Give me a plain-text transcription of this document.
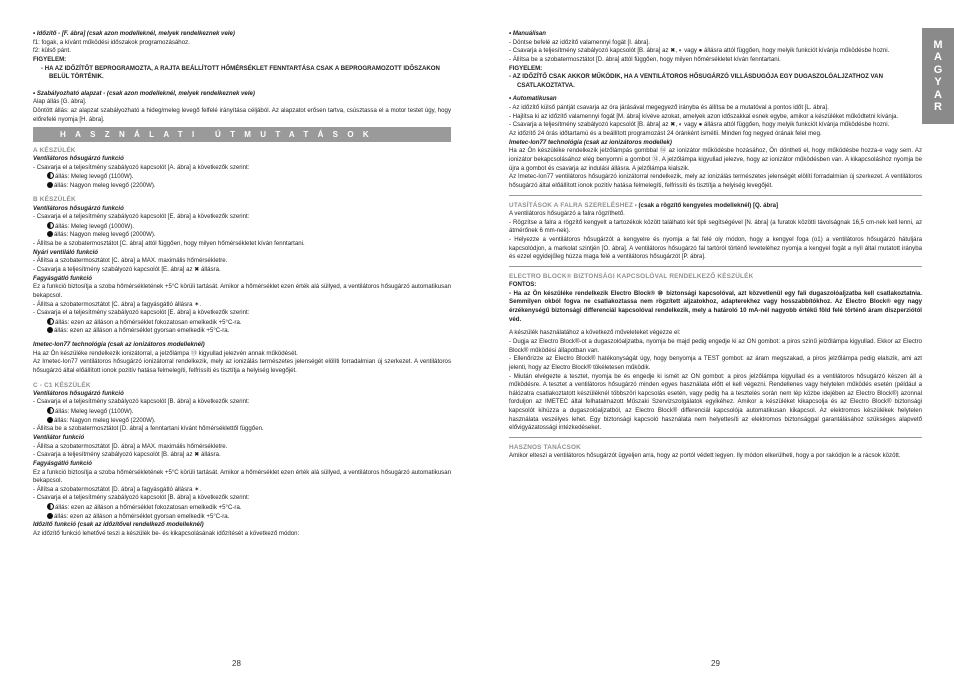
M
A
G
Y
A
R

• Időzítő - [F. ábra] (csak azon modelleknél, melyek rendelkeznek vele)

f1: fogak, a kívánt működési időszakok programozásához.

f2: külső pánt.

FIGYELEM:

- HA AZ IDŐZÍTŐT BEPROGRAMOZTA, A RAJTA BEÁLLÍTOTT HŐMÉRSÉKLET FENNTARTÁSA CSAK A BEPROGRAMOZOTT IDŐSZAKON BELÜL TÖRTÉNIK.

• Szabályozható alapzat - (csak azon modelleknél, melyek rendelkeznek vele)

Alap állás [G. ábra].

Döntött állás: az alapzat szabályozható a hideg/meleg levegő felfelé irányítása céljából. Az alapzatot erősen tartva, csúsztassa el a motor testet úgy, hogy előrefelé nyomja [H. ábra].

HASZNÁLATI ÚTMUTATÁSOK

A KÉSZÜLÉK

Ventilátoros hősugárzó funkció

- Csavarja el a teljesítmény szabályozó kapcsolót [A. ábra] a következők szerint:

állás: Meleg levegő (1100W).

állás: Nagyon meleg levegő (2200W).

B KÉSZÜLÉK

Ventilátoros hősugárzó funkció

- Csavarja el a teljesítmény szabályozó kapcsolót [E. ábra] a következők szerint:

állás: Meleg levegő (1000W).

állás: Nagyon meleg levegő (2000W).

- Állítsa be a szobatermosztátot [C. ábra] attól függően, hogy milyen hőmérsékletet kíván fenntartani.

Nyári ventiláló funkció

- Állítsa a szobatermosztátot [C. ábra] a MAX. maximális hőmérsékletre.

- Csavarja a teljesítmény szabályozó kapcsolót [E. ábra] az ✖ állásra.

Fagyásgátló funkció

Ez a funkció biztosítja a szoba hőmérsékletének +5°C körüli tartását. Amikor a hőmérséklet ezen érték alá süllyed, a ventilátoros hősugárzó automatikusan bekapcsol.

- Állítsa a szobatermosztátot [C. ábra] a fagyásgátló állásra ✶.

- Csavarja el a teljesítmény szabályozó kapcsolót [E. ábra] a következők szerint:

állás: ezen az álláson a hőmérséklet fokozatosan emelkedik +5°C-ra.

állás: ezen az álláson a hőmérséklet gyorsan emelkedik +5°C-ra.

Imetec-Ion77 technológia (csak az ionizátoros modelleknél)

Ha az Ön készüléke rendelkezik ionizátorral, a jelzőlámpa ⑬ kigyullad jelezvén annak működését.

Az Imetec-Ion77 ventilátoros hősugárzó ionizátorral rendelkezik, mely az ionizálás természetes jelenségét elölíti forradalmian új szerkezet. A ventilátoros hősugárzó által előállított ionok pozitív hatása felmelegíti, felfrissíti és tisztítja a helyiség levegőjét.

C - C1 KÉSZÜLÉK

Ventilátoros hősugárzó funkció

- Csavarja el a teljesítmény szabályozó kapcsolót [B. ábra] a következők szerint:

állás: Meleg levegő (1100W).

állás: Nagyon meleg levegő (2200W).

- Állítsa be a szobatermosztátot [D. ábra] a fenntartani kívánt hőmérséklettől függően.

Ventilátor funkció

- Állítsa a szobatermosztátot [D. ábra] a MAX. maximális hőmérsékletre.

- Csavarja a teljesítmény szabályozó kapcsolót [B. ábra] az ✖ állásra.

Fagyásgátló funkció

Ez a funkció biztosítja a szoba hőmérsékletének +5°C körüli tartását. Amikor a hőmérséklet ezen érték alá süllyed, a ventilátoros hősugárzó automatikusan bekapcsol.

- Állítsa a szobatermosztátot [D. ábra] a fagyásgátló állásra ✶.

- Csavarja el a teljesítmény szabályozó kapcsolót [B. ábra] a következők szerint:

állás: ezen az álláson a hőmérséklet fokozatosan emelkedik +5°C-ra.

állás: ezen az álláson a hőmérséklet gyorsan emelkedik +5°C-ra.

Időzítő funkció (csak az időzítővel rendelkező modelleknél)

Az időzítő funkció lehetővé teszi a készülék be- és kikapcsolásának időzítését a következő módon:

• Manuálisan

- Döntse befelé az időzítő valamennyi fogát [I. ábra].

- Csavarja a teljesítmény szabályozó kapcsolót [B. ábra] az ✖, ◐ vagy ● állásra attól függően, hogy melyik funkciót kívánja működésbe hozni.

- Állítsa be a szobatermosztátot [D. ábra] attól függően, hogy milyen hőmérsékletet kíván fenntartani.

FIGYELEM:

- AZ IDŐZÍTŐ CSAK AKKOR MŰKÖDIK, HA A VENTILÁTOROS HŐSUGÁRZÓ VILLÁSDUGÓJA EGY DUGASZOLÓALJZATHOZ VAN CSATLAKOZTATVA.

• Automatikusan

- Az időzítő külső pántját csavarja az óra járásával megegyező irányba és állítsa be a mutatóval a pontos időt [L. ábra].

- Hajlítsa ki az időzítő valamennyi fogát [M. ábra] kívéve azokat, amelyek azon időszakkal esnek egybe, amikor a készüléket működtetni kívánja.

- Csavarja a teljesítmény szabályozó kapcsolót [B. ábra] az ✖, ◐ vagy ● állásra attól függően, hogy melyik funkciót kívánja működésbe hozni.

Az időzítő 24 órás időtartamú és a beállított programozást 24 óránként ismétli. Minden fog negyed órának felel meg.

Imetec-Ion77 technológia (csak az ionizátoros modellek)

Ha az Ön készüléke rendelkezik jelzőlámpás gombbal ⑭ az ionizátor működésbe hozásához, Ön döntheti el, hogy működésbe hozza-e vagy sem. Az ionizátor bekapcsolásához elég benyomni a gombot ⑭. A jelzőlámpa kigyullad jelezve, hogy az ionizátor működésben van. A kikapcsoláshoz nyomja be újra a gombot és csavarja az indulási állásra. A jelzőlámpa kialszik.

Az Imetec-Ion77 ventilátoros hősugárzó ionizátorral rendelkezik, mely az ionizálás természetes jelenségét elölíti forradalmian új szerkezet. A ventilátoros hősugárzó által előállított ionok pozitív hatása felmelegíti, felfrissíti és tisztítja a helyiség levegőjét.

UTASÍTÁSOK A FALRA SZERELÉSHEZ - (csak a rögzítő kengyeles modelleknél) [Q. ábra]

A ventilátoros hősugárzó a falra rögzíthető.

- Rögzítse a falra a rögzítő kengyelt a tartozékok között található két tipli segítségével [N. ábra] (a furatok közötti távolságnak 16,5 cm-nek kell lenni, az átmérőnek 6 mm-nek).

- Helyezze a ventilátoros hősugárzót a kengyelre és nyomja a fal felé oly módon, hogy a kengyel foga (o1) a ventilátoros hősugárzó hátuljára kapcsolódjon, a markolat szintjén [O. ábra]. A ventilátoros hősugárzó fal tartóról történő leveteléhez nyomja a kengyel fogát a nyíl által mutatott irányba és ezzel egyidejűleg húzza maga felé a ventilátoros hősugárzót [P. ábra].

ELECTRO BLOCK® BIZTONSÁGI KAPCSOLÓVAL RENDELKEZŐ KÉSZÜLÉK

FONTOS:

- Ha az Ön készüléke rendelkezik Electro Block® ⑩ biztonsági kapcsolóval, azt közvetlenül egy fali dugaszolóaljzatba kell csatlakoztatnia. Semmilyen okból fogva ne csatlakoztassa nem rögzített aljzatokhoz, adapterekhez vagy hosszabbítókhoz. Az Electro Block® egy nagy érzékenységű biztonsági differenciál kapcsolóval rendelkezik, mely a határoló 10 mA-nél nagyobb értékű föld felé történő áram diszperziótól véd.

A készülék használatához a következő műveleteket végezze el:

- Dugja az Electro Block®-ot a dugaszolóaljzatba, nyomja be majd pedig engedje ki az ON gombot: a piros színű jelzőlámpa kigyullad. Ekkor az Electro Block® működési állapotban van.

- Ellenőrizze az Electro Block® hatékonyságát úgy, hogy benyomja a TEST gombot: az áram megszakad, a piros jelzőlámpa pedig elalszik, ami azt jelenti, hogy az Electro Block® tökéletesen működik.

- Miután elvégezte a tesztet, nyomja be és engedje ki ismét az ON gombot: a piros jelzőlámpa kigyullad és a ventilátoros hősugárzó készen áll a működésre. A tesztet a ventilátoros hősugárzó minden egyes használata előtt el kell végezni. Rendellenes vagy helytelen működés esetén (például a hálózatra csatlakoztatott készüléknél többszöri kapcsolás esetén, vagy pedig ha a tesztelés során nem lép közbe idejében az Electro Block®) azonnal forduljon az IMETEC által felhatalmazott Műszaki Szervizszolgálatok egyikéhez. Amikor a készüléket kikapcsolja és az Electro Block® biztonsági kapcsolót kihúzza a dugaszolóaljzatból, az Electro Block® differenciál kapcsolója automatikusan kikapcsol. Az elektromos készülékek helytelen használata veszélyes lehet. Egy biztonsági kapcsoló használata nem helyettesíti az elektromos biztonsággal garantálásához szükséges alapvető elővigyázatossági intézkedéseket.

HASZNOS TANÁCSOK

Amikor elteszi a ventilátoros hősugárzót ügyeljen arra, hogy az portól védett legyen. Ily módon elkerülheti, hogy a por rakódjon le a rácsok között.

28	29
